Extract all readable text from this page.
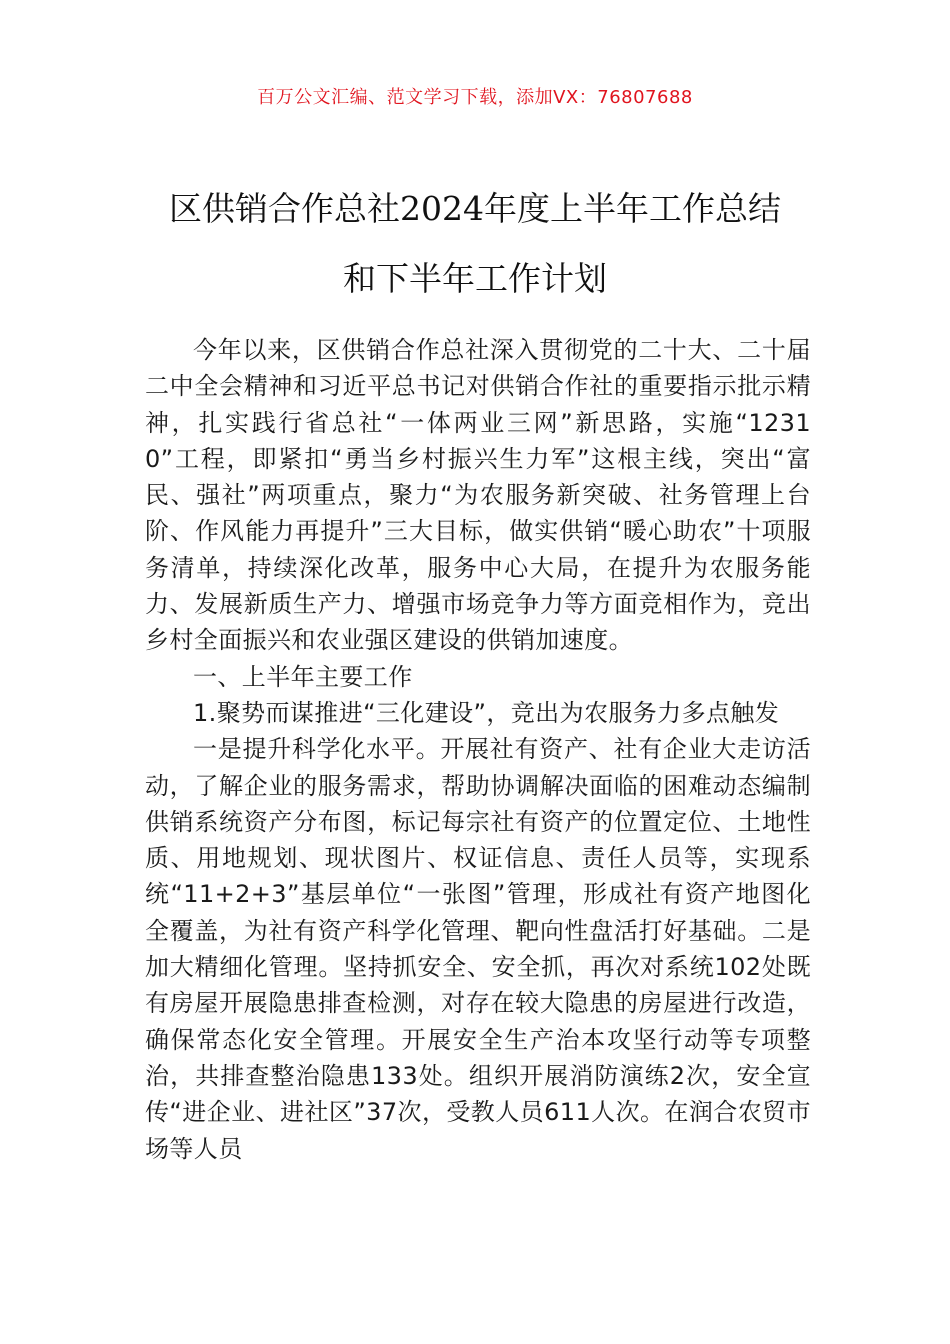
百万公文汇编、范文学习下载，添加VX：76807688
区供销合作总社2024年度上半年工作总结
和下半年工作计划

今年以来，区供销合作总社深入贯彻党的二十大、二十届二中全会精神和习近平总书记对供销合作社的重要指示批示精神，扎实践行省总社“一体两业三网”新思路，实施“12310”工程，即紧扣“勇当乡村振兴生力军”这根主线，突出“富民、强社”两项重点，聚力“为农服务新突破、社务管理上台阶、作风能力再提升”三大目标，做实供销“暖心助农”十项服务清单，持续深化改革，服务中心大局，在提升为农服务能力、发展新质生产力、增强市场竞争力等方面竞相作为，竞出乡村全面振兴和农业强区建设的供销加速度。

一、上半年主要工作

1.聚势而谋推进“三化建设”，竞出为农服务力多点触发

一是提升科学化水平。开展社有资产、社有企业大走访活动，了解企业的服务需求，帮助协调解决面临的困难动态编制供销系统资产分布图，标记每宗社有资产的位置定位、土地性质、用地规划、现状图片、权证信息、责任人员等，实现系统“11+2+3”基层单位“一张图”管理，形成社有资产地图化全覆盖，为社有资产科学化管理、靶向性盘活打好基础。二是加大精细化管理。坚持抓安全、安全抓，再次对系统102处既有房屋开展隐患排查检测，对存在较大隐患的房屋进行改造，确保常态化安全管理。开展安全生产治本攻坚行动等专项整治，共排查整治隐患133处。组织开展消防演练2次，安全宣传“进企业、进社区”37次，受教人员611人次。在润合农贸市场等人员
